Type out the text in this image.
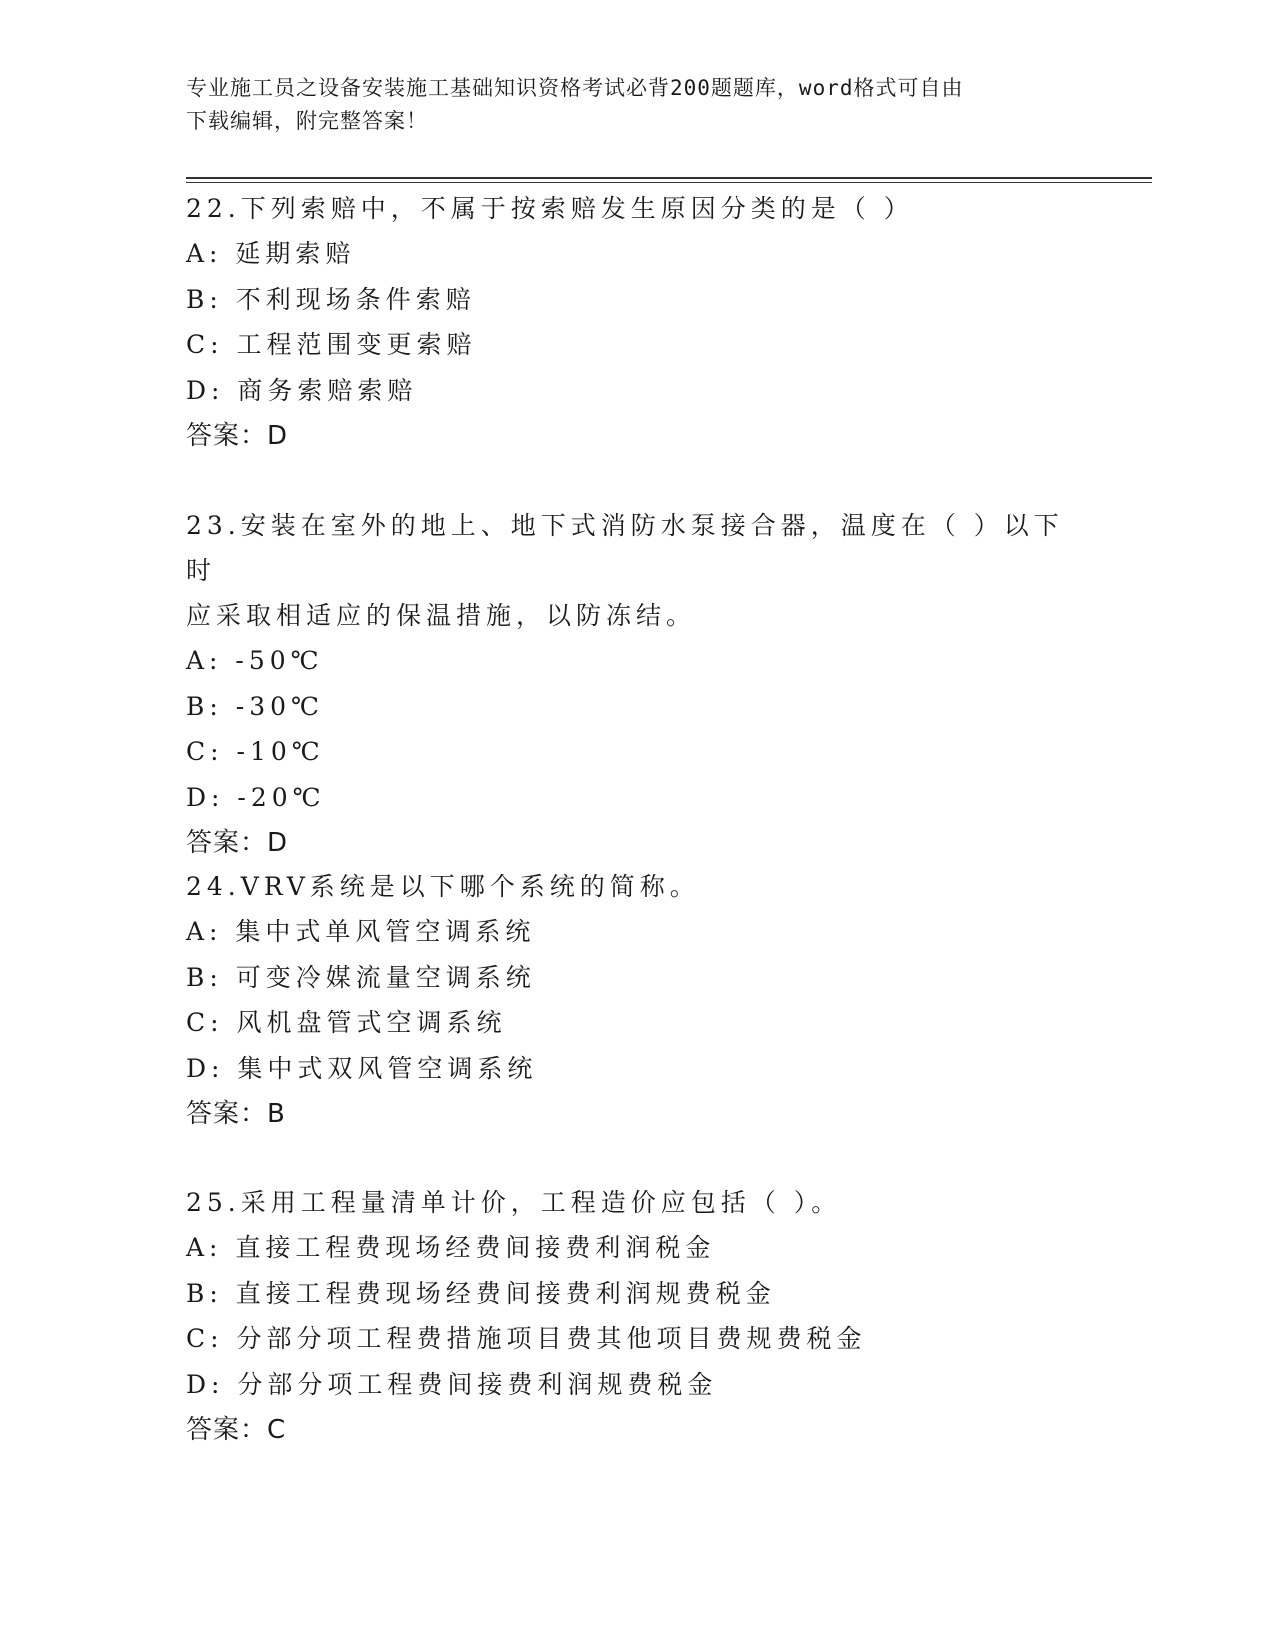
专业施工员之设备安装施工基础知识资格考试必背200题题库，word格式可自由
下载编辑，附完整答案！

22.下列索赔中，不属于按索赔发生原因分类的是（ ）

A: 延期索赔

B: 不利现场条件索赔

C: 工程范围变更索赔

D: 商务索赔索赔

答案：D

23.安装在室外的地上、地下式消防水泵接合器，温度在（ ）以下时

应采取相适应的保温措施，以防冻结。

A: -50℃

B: -30℃

C: -10℃

D: -20℃

答案：D

24.VRV系统是以下哪个系统的简称。

A: 集中式单风管空调系统

B: 可变冷媒流量空调系统

C: 风机盘管式空调系统

D: 集中式双风管空调系统

答案：B

25.采用工程量清单计价，工程造价应包括（ ）。

A: 直接工程费现场经费间接费利润税金

B: 直接工程费现场经费间接费利润规费税金

C: 分部分项工程费措施项目费其他项目费规费税金

D: 分部分项工程费间接费利润规费税金

答案：C
